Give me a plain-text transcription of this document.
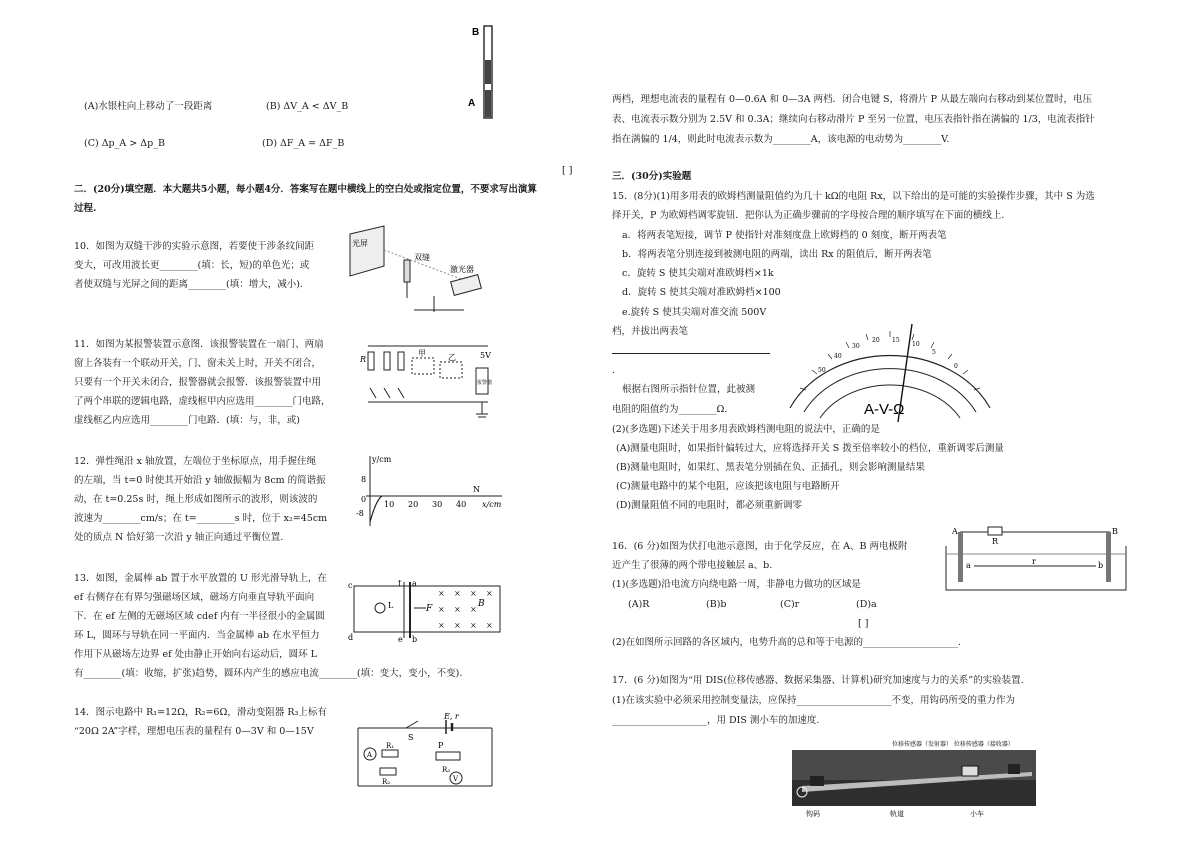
(A)水银柱向上移动了一段距离	(B) ΔV_A < ΔV_B
(C) Δp_A > Δp_B	(D) ΔF_A = ΔF_B
[ ]
B
A
二．(20分)填空题．本大题共5小题，每小题4分．答案写在题中横线上的空白处或指定位置，不要求写出演算
过程.
10．如图为双缝干涉的实验示意图，若要使干涉条纹间距
变大，可改用波长更________(填：长，短)的单色光；或
者使双缝与光屏之间的距离________(填：增大，减小).
光屏
双缝
激光器
11．如图为某报警装置示意图．该报警装置在一扇门、两扇
窗上各装有一个联动开关，门、窗未关上时，开关不闭合，
只要有一个开关未闭合，报警器就会报警．该报警装置中用
了两个串联的逻辑电路，虚线框甲内应选用________门电路，
虚线框乙内应选用________门电路．(填：与，非，或)
R
甲	乙	5V
报警器
12．弹性绳沿 x 轴放置，左端位于坐标原点，用手握住绳
的左端，当 t=0 时使其开始沿 y 轴做振幅为 8cm 的简谐振
动，在 t=0.25s 时，绳上形成如图所示的波形，则该波的
波速为________cm/s；在 t=________s 时，位于 x₂=45cm
处的质点 N 恰好第一次沿 y 轴正向通过平衡位置.
y/cm
x/cm
8
0
-8
10 20 30 40
N
13．如图，金属棒 ab 置于水平放置的 U 形光滑导轨上，在
ef 右侧存在有界匀强磁场区域，磁场方向垂直导轨平面向
下．在 ef 左侧的无磁场区域 cdef 内有一半径很小的金属圆
环 L，圆环与导轨在同一平面内．当金属棒 ab 在水平恒力
作用下从磁场左边界 ef 处由静止开始向右运动后，圆环 L
有________(填：收缩，扩张)趋势，圆环内产生的感应电流________(填：变大，变小，不变).
L
c
d
f
e
a
b
F	B
× × × ×
× × ×
× × × ×
14．图示电路中 R₁=12Ω，R₂=6Ω，滑动变阻器 R₃上标有
“20Ω 2A”字样，理想电压表的量程有 0—3V 和 0—15V
E, r
S
A
R₁
R₂
P
R₃
V
两档，理想电流表的量程有 0—0.6A 和 0—3A 两档．闭合电键 S，将滑片 P 从最左端向右移动到某位置时，电压
表、电流表示数分别为 2.5V 和 0.3A；继续向右移动滑片 P 至另一位置，电压表指针指在满偏的 1/3，电流表指针
指在满偏的 1/4，则此时电流表示数为________A，该电源的电动势为________V.
三．(30分)实验题
15．(8分)(1)用多用表的欧姆档测量阻值约为几十 kΩ的电阻 Rx，以下给出的是可能的实验操作步骤，其中 S 为选
择开关，P 为欧姆档调零旋钮．把你认为正确步骤前的字母按合理的顺序填写在下面的横线上.
a．将两表笔短接，调节 P 使指针对准刻度盘上欧姆档的 0 刻度，断开两表笔
b．将两表笔分别连接到被测电阻的两端，读出 Rx 的阻值后，断开两表笔
c．旋转 S 使其尖端对准欧姆档×1k
d．旋转 S 使其尖端对准欧姆档×100
e.旋转 S 使其尖端对准交流 500V
档，并拔出两表笔
.
根据右图所示指针位置，此被测
电阻的阻值约为________Ω.
(2)(多选题)下述关于用多用表欧姆档测电阻的说法中，正确的是
(A)测量电阻时，如果指针偏转过大，应将选择开关 S 拨至倍率较小的档位，重新调零后测量
(B)测量电阻时，如果红、黑表笔分别插在负、正插孔，则会影响测量结果
(C)测量电路中的某个电阻，应该把该电阻与电路断开
(D)测量阻值不同的电阻时，都必须重新调零
50
40
30
20 15
10
5
0
A-V-Ω
16．(6 分)如图为伏打电池示意图，由于化学反应，在 A、B 两电极附
近产生了很薄的两个带电接触层 a、b.
(1)(多选题)沿电流方向绕电路一周，非静电力做功的区域是
(A)R	(B)b	(C)r	(D)a
[ ]
(2)在如图所示回路的各区域内，电势升高的总和等于电源的____________________.
R
A	B
a	b
r
17．(6 分)如图为“用 DIS(位移传感器、数据采集器、计算机)研究加速度与力的关系”的实验装置.
(1)在该实验中必须采用控制变量法，应保持____________________不变，用钩码所受的重力作为
____________________，用 DIS 测小车的加速度.
位移传感器（发射器） 位移传感器（接收器）
轨道	小车
钩码
